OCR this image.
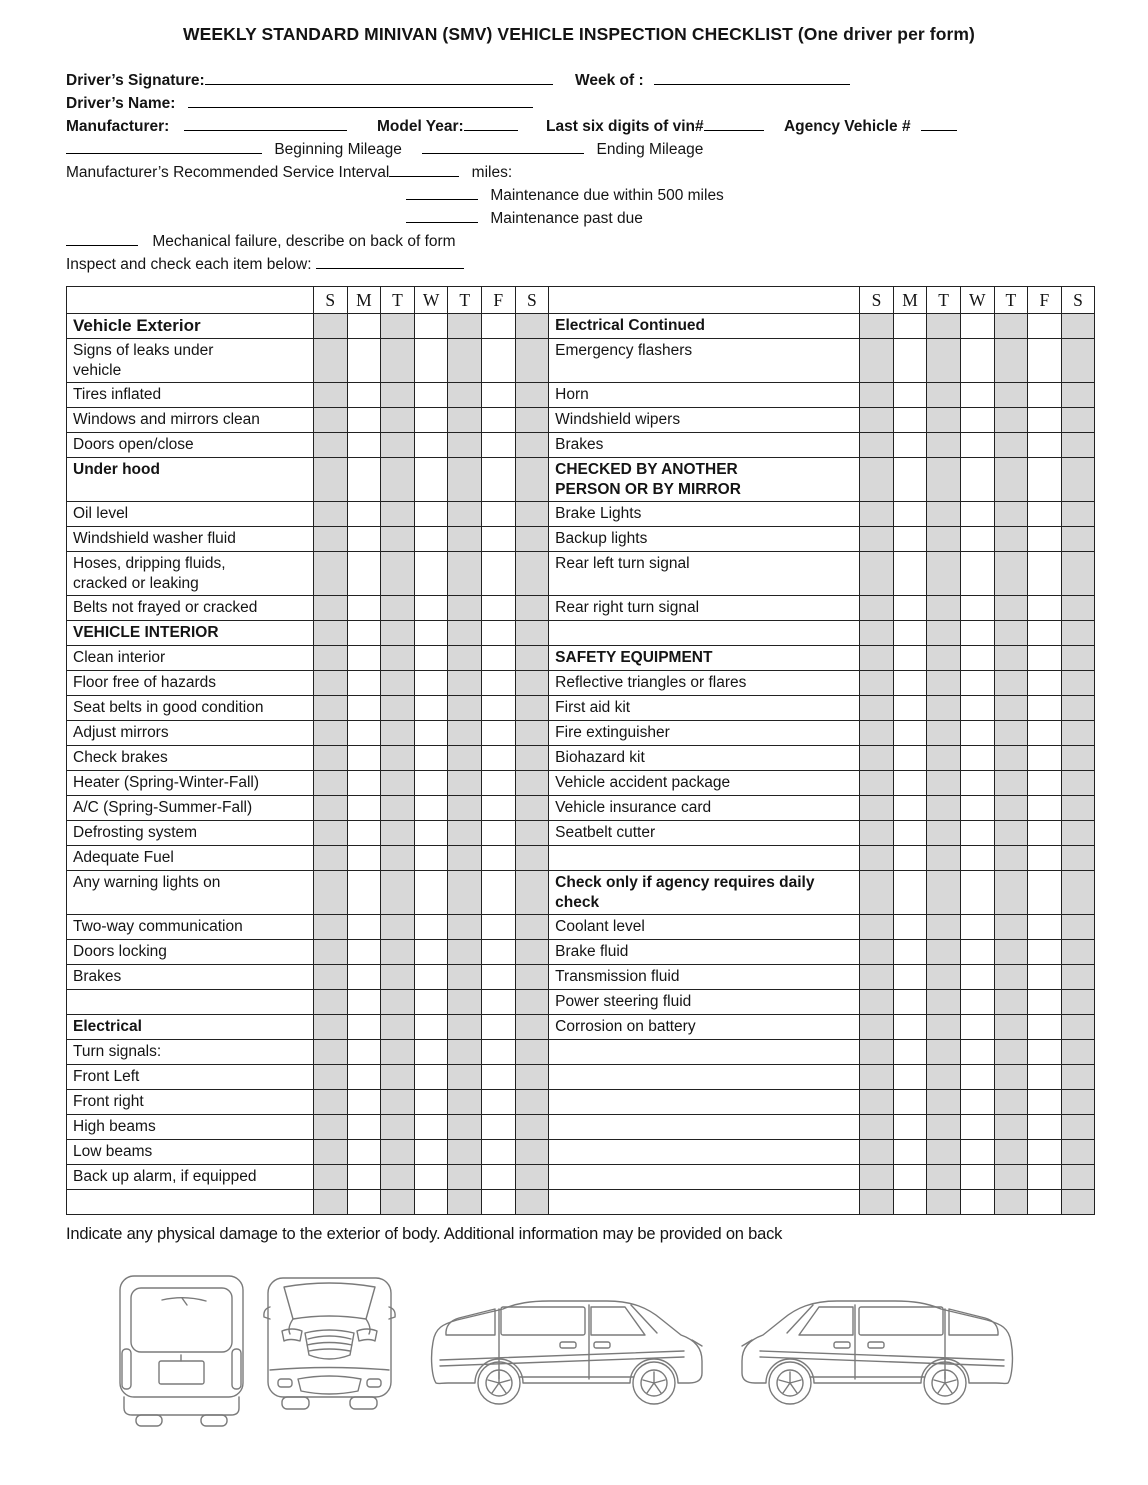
WEEKLY STANDARD MINIVAN (SMV) VEHICLE INSPECTION CHECKLIST (One driver per form)
Driver’s Signature:	Week of :
Driver’s Name:
Manufacturer:	Model Year:	Last six digits of vin#	Agency Vehicle #
Beginning Mileage	Ending Mileage
Manufacturer’s Recommended Service Interval	miles:
Maintenance due within 500 miles
Maintenance past due
Mechanical failure, describe on back of form
Inspect and check each item below:
	S	M	T	W	T	F	S		S	M	T	W	T	F	S
Vehicle Exterior								Electrical Continued							
Signs of leaks under vehicle								Emergency flashers							
Tires inflated								Horn							
Windows and mirrors clean								Windshield wipers							
Doors open/close								Brakes							
Under hood								CHECKED BY ANOTHER PERSON OR BY MIRROR							
Oil level								Brake Lights							
Windshield washer fluid								Backup lights							
Hoses, dripping fluids, cracked or leaking								Rear left turn signal							
Belts not frayed or cracked								Rear right turn signal							
VEHICLE INTERIOR															
Clean interior								SAFETY EQUIPMENT							
Floor free of hazards								Reflective triangles or flares							
Seat belts in good condition								First aid kit							
Adjust mirrors								Fire extinguisher							
Check brakes								Biohazard kit							
Heater (Spring-Winter-Fall)								Vehicle accident package							
A/C (Spring-Summer-Fall)								Vehicle insurance card							
Defrosting system								Seatbelt cutter							
Adequate Fuel															
Any warning lights on								Check only if agency requires daily check							
Two-way communication								Coolant level							
Doors locking								Brake fluid							
Brakes								Transmission fluid							
								Power steering fluid							
Electrical								Corrosion on battery							
Turn signals:															
Front Left															
Front right															
High beams															
Low beams															
Back up alarm, if equipped															

Indicate any physical damage to the exterior of body. Additional information may be provided on back
